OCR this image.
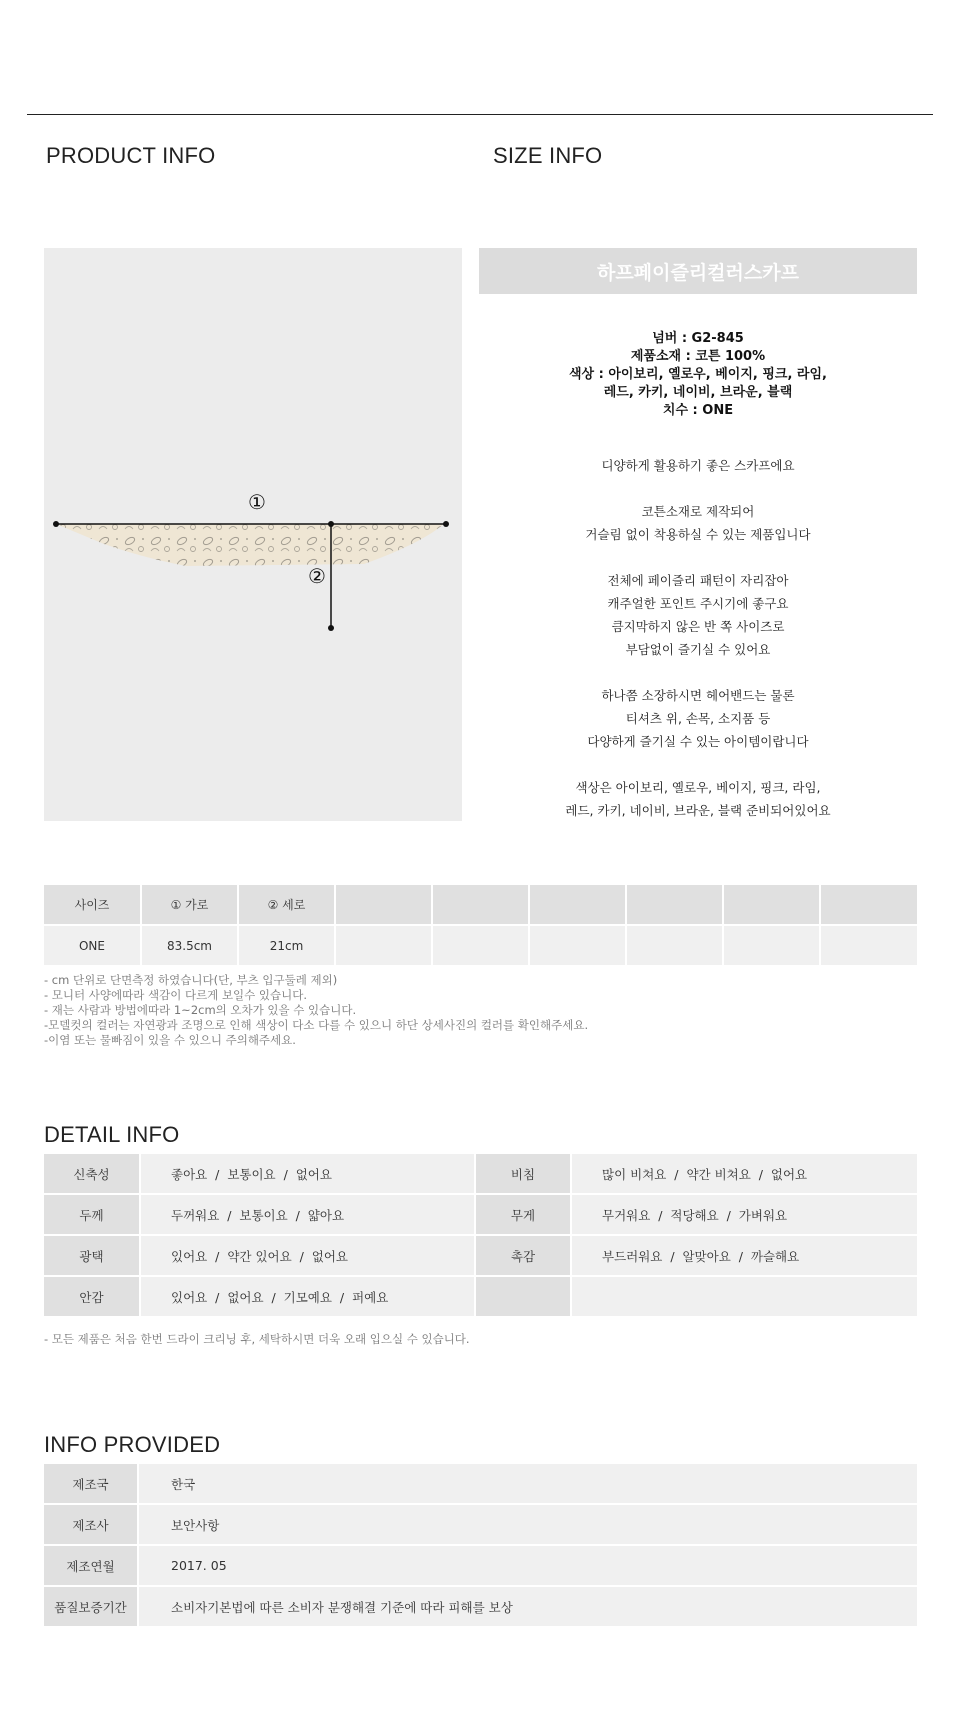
PRODUCT INFO	SIZE INFO
①
②
하프페이즐리컬러스카프
넘버 : G2-845
제품소재 : 코튼 100%
색상 : 아이보리, 옐로우, 베이지, 핑크, 라임,
레드, 카키, 네이비, 브라운, 블랙
치수 : ONE
디양하게 활용하기 좋은 스카프에요
코튼소재로 제작되어
거슬림 없이 착용하실 수 있는 제품입니다
전체에 페이즐리 패턴이 자리잡아
캐주얼한 포인트 주시기에 좋구요
큼지막하지 않은 반 쪽 사이즈로
부담없이 즐기실 수 있어요
하나쯤 소장하시면 헤어밴드는 물론
티셔츠 위, 손목, 소지품 등
다양하게 즐기실 수 있는 아이템이랍니다
색상은 아이보리, 옐로우, 베이지, 핑크, 라임,
레드, 카키, 네이비, 브라운, 블랙 준비되어있어요
사이즈	① 가로	② 세로						
ONE	83.5cm	21cm						
- cm 단위로 단면측정 하였습니다(단, 부츠 입구둘레 제외)
- 모니터 사양에따라 색감이 다르게 보일수 있습니다.
- 재는 사람과 방법에따라 1~2cm의 오차가 있을 수 있습니다.
-모델컷의 컬러는 자연광과 조명으로 인해 색상이 다소 다를 수 있으니 하단 상세사진의 컬러를 확인해주세요.
-이염 또는 물빠짐이 있을 수 있으니 주의해주세요.
DETAIL INFO
신축성	좋아요  /  보통이요  /  없어요	비침	많이 비쳐요  /  약간 비쳐요  /  없어요
두께	두꺼워요  /  보통이요  /  얇아요	무게	무거워요  /  적당해요  /  가벼워요
광택	있어요  /  약간 있어요  /  없어요	촉감	부드러워요  /  알맞아요  /  까슬해요
안감	있어요  /  없어요  /  기모예요  /  퍼예요		
- 모든 제품은 처음 한번 드라이 크리닝 후, 세탁하시면 더욱 오래 입으실 수 있습니다.
INFO PROVIDED
제조국	한국
제조사	보안사항
제조연월	2017. 05
품질보증기간	소비자기본법에 따른 소비자 분쟁해결 기준에 따라 피해를 보상
